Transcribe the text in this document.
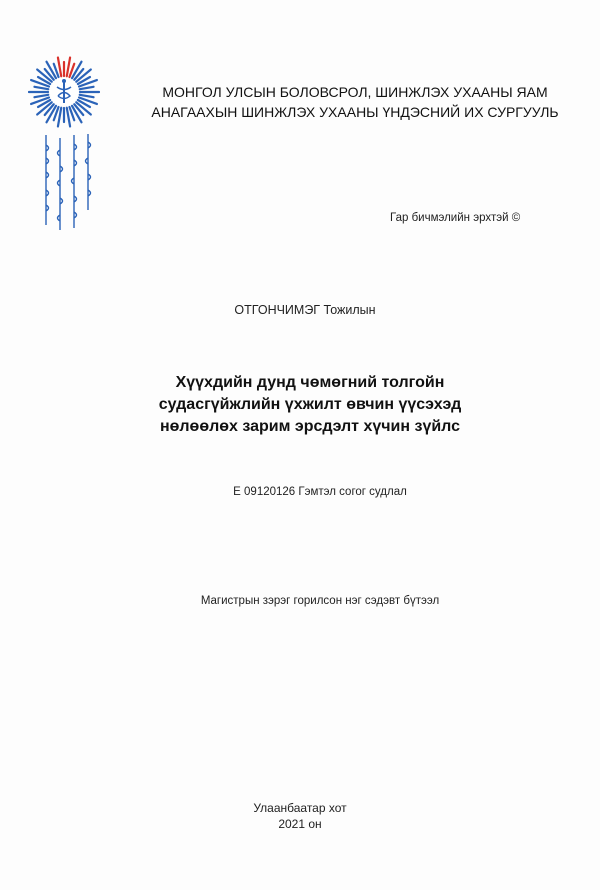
МОНГОЛ УЛСЫН БОЛОВСРОЛ, ШИНЖЛЭХ УХААНЫ ЯАМ
АНАГААХЫН ШИНЖЛЭХ УХААНЫ ҮНДЭСНИЙ ИХ СУРГУУЛЬ
Гар бичмэлийн эрхтэй ©
ОТГОНЧИМЭГ Тожилын
Хүүхдийн дунд чөмөгний толгойн
судасгүйжлийн үхжилт өвчин үүсэхэд
нөлөөлөх зарим эрсдэлт хүчин зүйлс
E 09120126 Гэмтэл согог судлал
Магистрын зэрэг горилсон нэг сэдэвт бүтээл
Улаанбаатар хот
2021 он
